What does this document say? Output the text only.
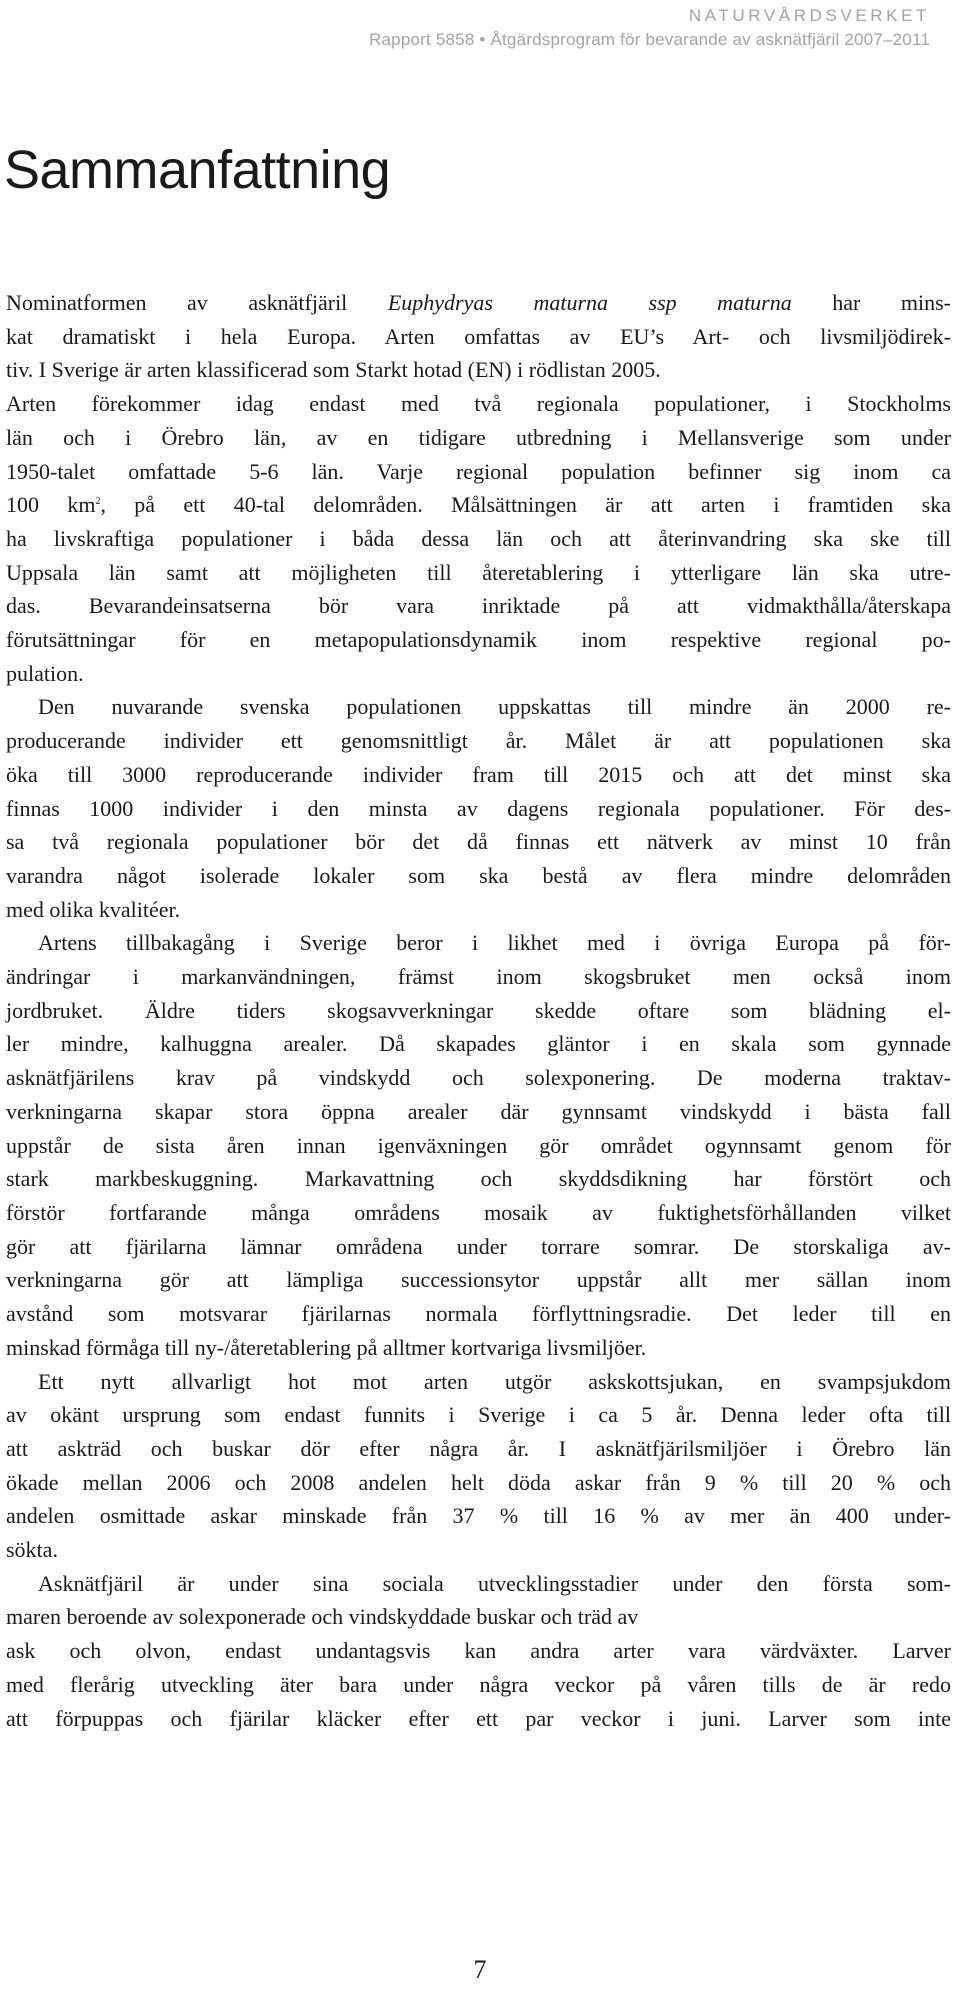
NATURVÅRDSVERKET
Rapport 5858 • Åtgärdsprogram för bevarande av asknätfjäril 2007–2011
Sammanfattning
Nominatformen av asknätfjäril Euphydryas maturna ssp maturna har mins-
kat dramatiskt i hela Europa. Arten omfattas av EU’s Art- och livsmiljödirek-
tiv. I Sverige är arten klassificerad som Starkt hotad (EN) i rödlistan 2005.
Arten förekommer idag endast med två regionala populationer, i Stockholms
län och i Örebro län, av en tidigare utbredning i Mellansverige som under
1950-talet omfattade 5-6 län. Varje regional population befinner sig inom ca
100 $km^2$, på ett 40-tal delområden. Målsättningen är att arten i framtiden ska
ha livskraftiga populationer i båda dessa län och att återinvandring ska ske till
Uppsala län samt att möjligheten till återetablering i ytterligare län ska utre-
das. Bevarandeinsatserna bör vara inriktade på att vidmakthålla/återskapa
förutsättningar för en metapopulationsdynamik inom respektive regional po-
pulation.
Den nuvarande svenska populationen uppskattas till mindre än 2000 re-
producerande individer ett genomsnittligt år. Målet är att populationen ska
öka till 3000 reproducerande individer fram till 2015 och att det minst ska
finnas 1000 individer i den minsta av dagens regionala populationer. För des-
sa två regionala populationer bör det då finnas ett nätverk av minst 10 från
varandra något isolerade lokaler som ska bestå av flera mindre delområden
med olika kvalitéer.
Artens tillbakagång i Sverige beror i likhet med i övriga Europa på för-
ändringar i markanvändningen, främst inom skogsbruket men också inom
jordbruket. Äldre tiders skogsavverkningar skedde oftare som blädning el-
ler mindre, kalhuggna arealer. Då skapades gläntor i en skala som gynnade
asknätfjärilens krav på vindskydd och solexponering. De moderna traktav-
verkningarna skapar stora öppna arealer där gynnsamt vindskydd i bästa fall
uppstår de sista åren innan igenväxningen gör området ogynnsamt genom för
stark markbeskuggning. Markavattning och skyddsdikning har förstört och
förstör fortfarande många områdens mosaik av fuktighetsförhållanden vilket
gör att fjärilarna lämnar områdena under torrare somrar. De storskaliga av-
verkningarna gör att lämpliga successionsytor uppstår allt mer sällan inom
avstånd som motsvarar fjärilarnas normala förflyttningsradie. Det leder till en
minskad förmåga till ny-/återetablering på alltmer kortvariga livsmiljöer.
Ett nytt allvarligt hot mot arten utgör askskottsjukan, en svampsjukdom
av okänt ursprung som endast funnits i Sverige i ca 5 år. Denna leder ofta till
att askträd och buskar dör efter några år. I asknätfjärilsmiljöer i Örebro län
ökade mellan 2006 och 2008 andelen helt döda askar från 9 % till 20 % och
andelen osmittade askar minskade från 37 % till 16 % av mer än 400 under-
sökta.
Asknätfjäril är under sina sociala utvecklingsstadier under den första som-
maren beroende av solexponerade och vindskyddade buskar och träd av
ask och olvon, endast undantagsvis kan andra arter vara värdväxter. Larver
med flerårig utveckling äter bara under några veckor på våren tills de är redo
att förpuppas och fjärilar kläcker efter ett par veckor i juni. Larver som inte
7
